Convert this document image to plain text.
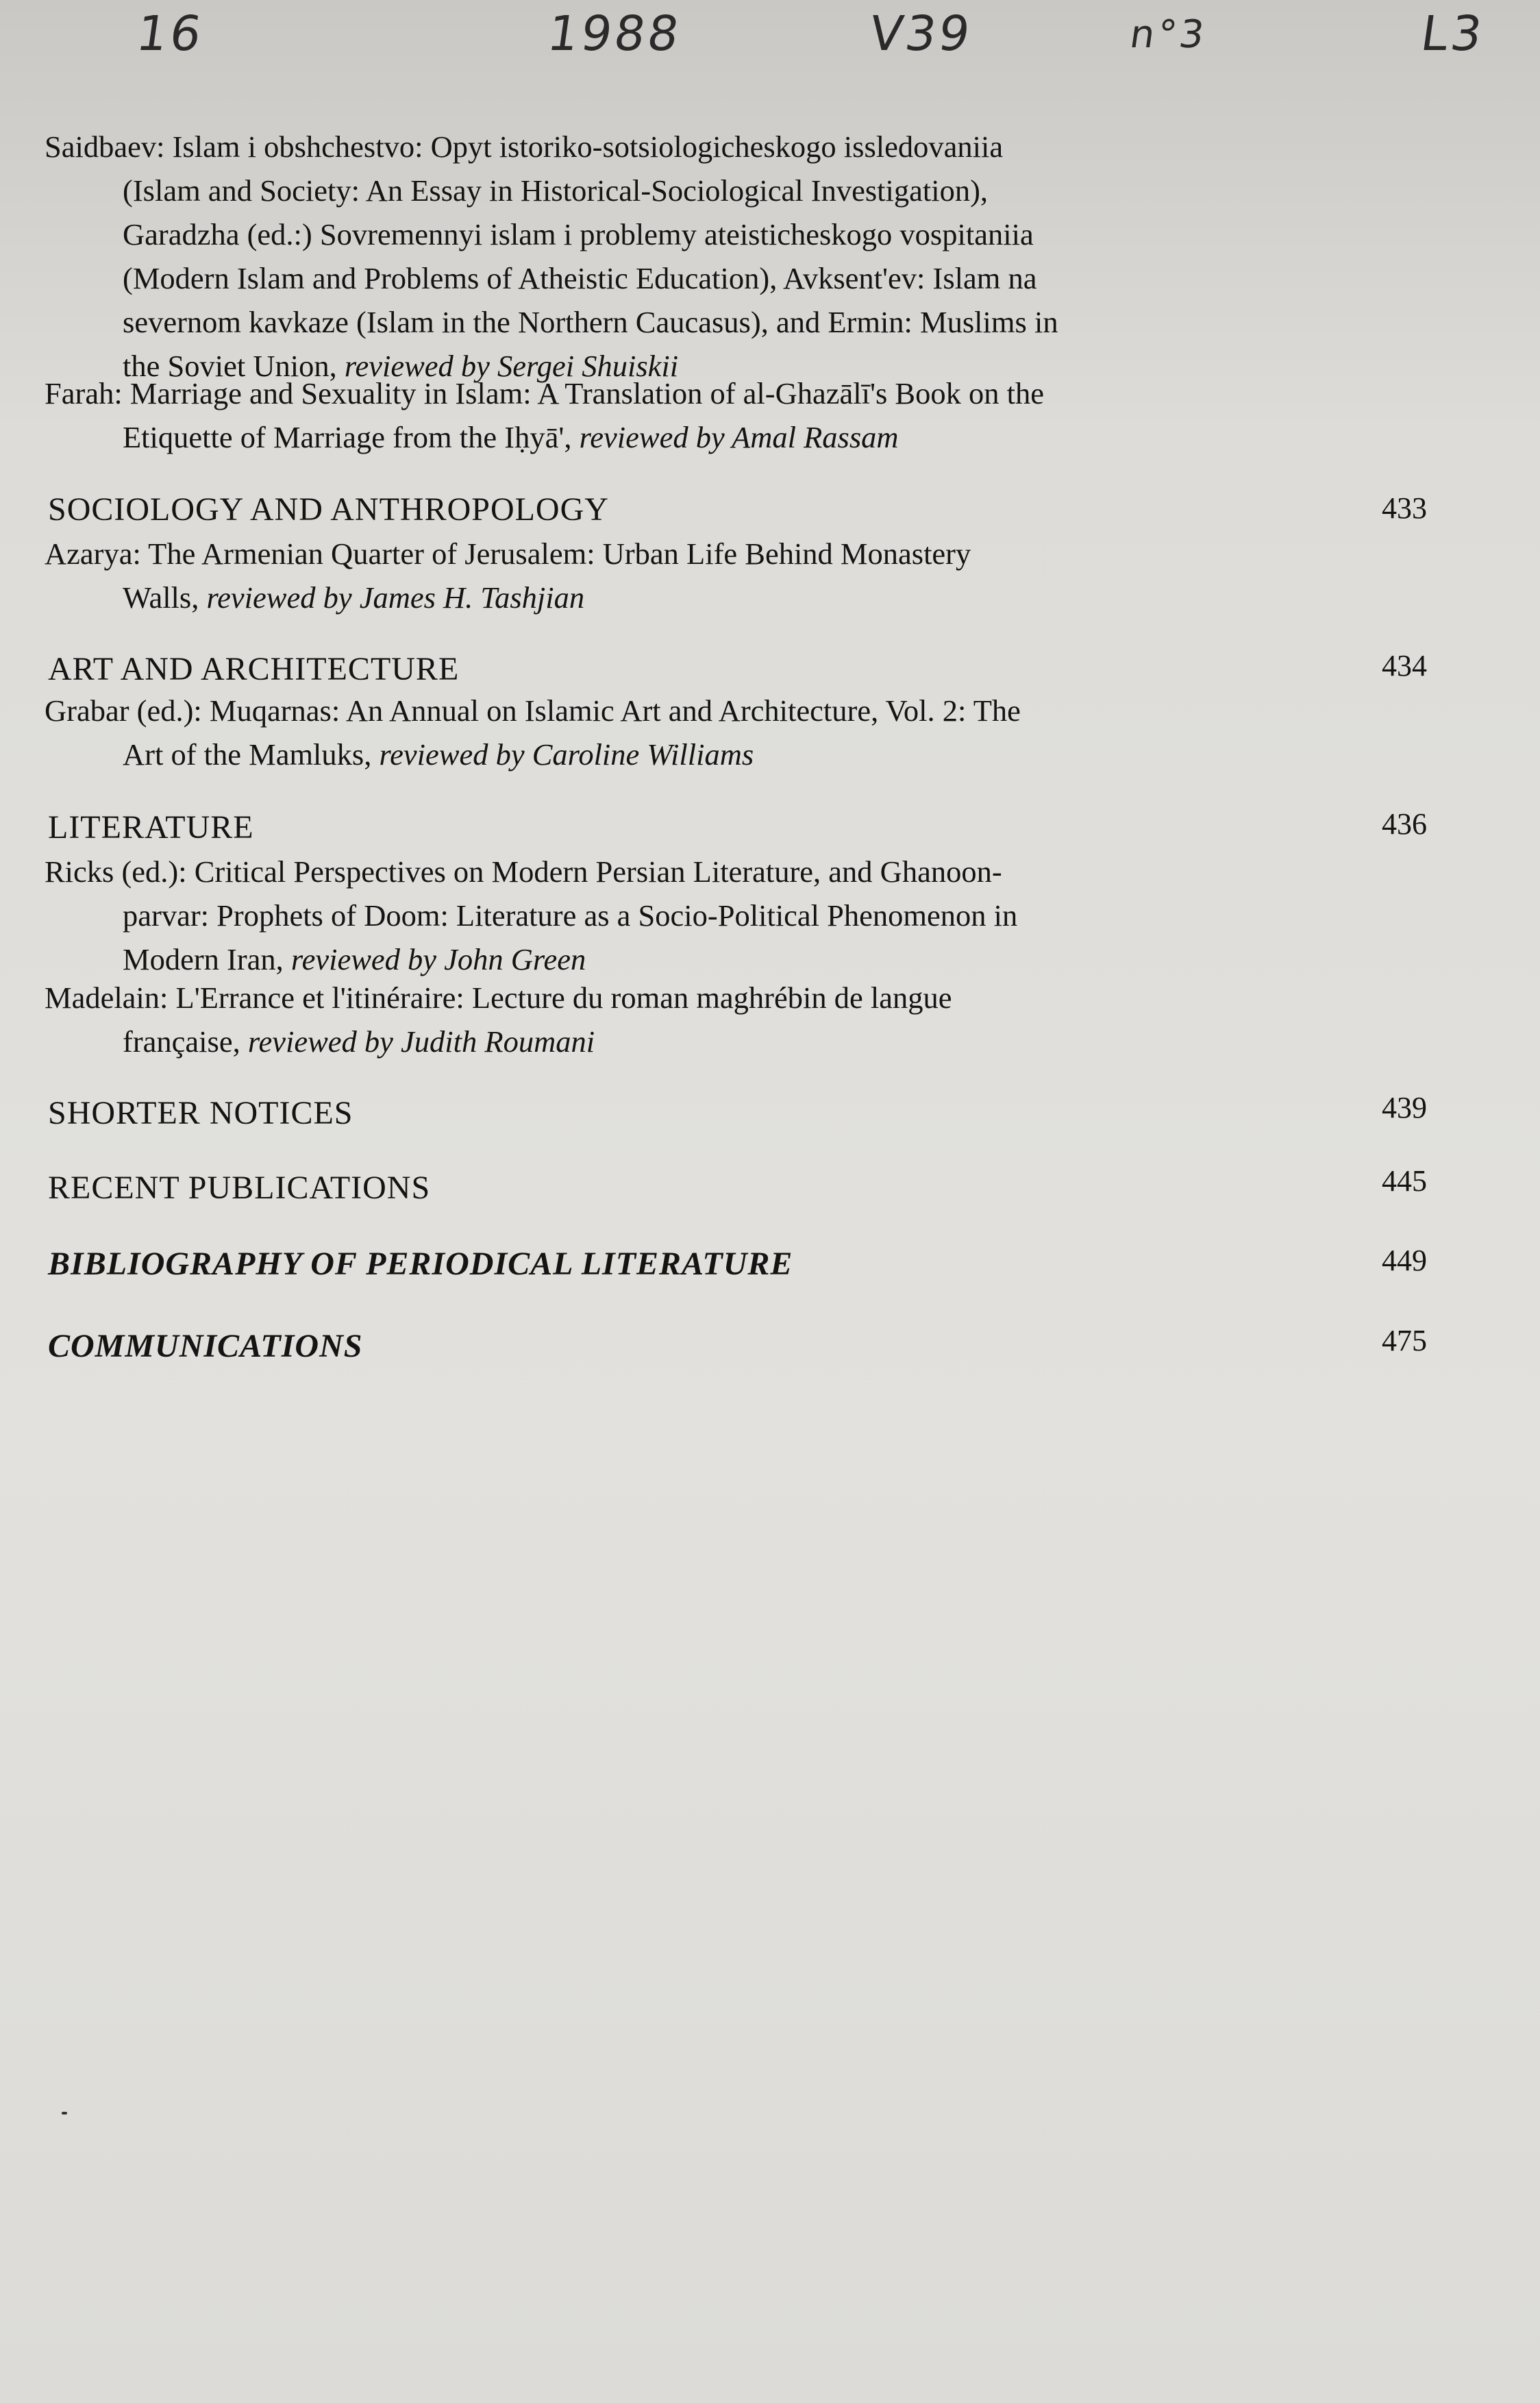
16	1988	V39	n°3	L3
Saidbaev: Islam i obshchestvo: Opyt istoriko-sotsiologicheskogo issledovaniia
(Islam and Society: An Essay in Historical-Sociological Investigation),
Garadzha (ed.:) Sovremennyi islam i problemy ateisticheskogo vospitaniia
(Modern Islam and Problems of Atheistic Education), Avksent'ev: Islam na
severnom kavkaze (Islam in the Northern Caucasus), and Ermin: Muslims in
the Soviet Union, reviewed by Sergei Shuiskii
Farah: Marriage and Sexuality in Islam: A Translation of al-Ghazālī's Book on the
Etiquette of Marriage from the Iḥyā', reviewed by Amal Rassam
SOCIOLOGY AND ANTHROPOLOGY	433
Azarya: The Armenian Quarter of Jerusalem: Urban Life Behind Monastery
Walls, reviewed by James H. Tashjian
ART AND ARCHITECTURE	434
Grabar (ed.): Muqarnas: An Annual on Islamic Art and Architecture, Vol. 2: The
Art of the Mamluks, reviewed by Caroline Williams
LITERATURE	436
Ricks (ed.): Critical Perspectives on Modern Persian Literature, and Ghanoon-
parvar: Prophets of Doom: Literature as a Socio-Political Phenomenon in
Modern Iran, reviewed by John Green
Madelain: L'Errance et l'itinéraire: Lecture du roman maghrébin de langue
française, reviewed by Judith Roumani
SHORTER NOTICES	439
RECENT PUBLICATIONS	445
BIBLIOGRAPHY OF PERIODICAL LITERATURE	449
COMMUNICATIONS	475
